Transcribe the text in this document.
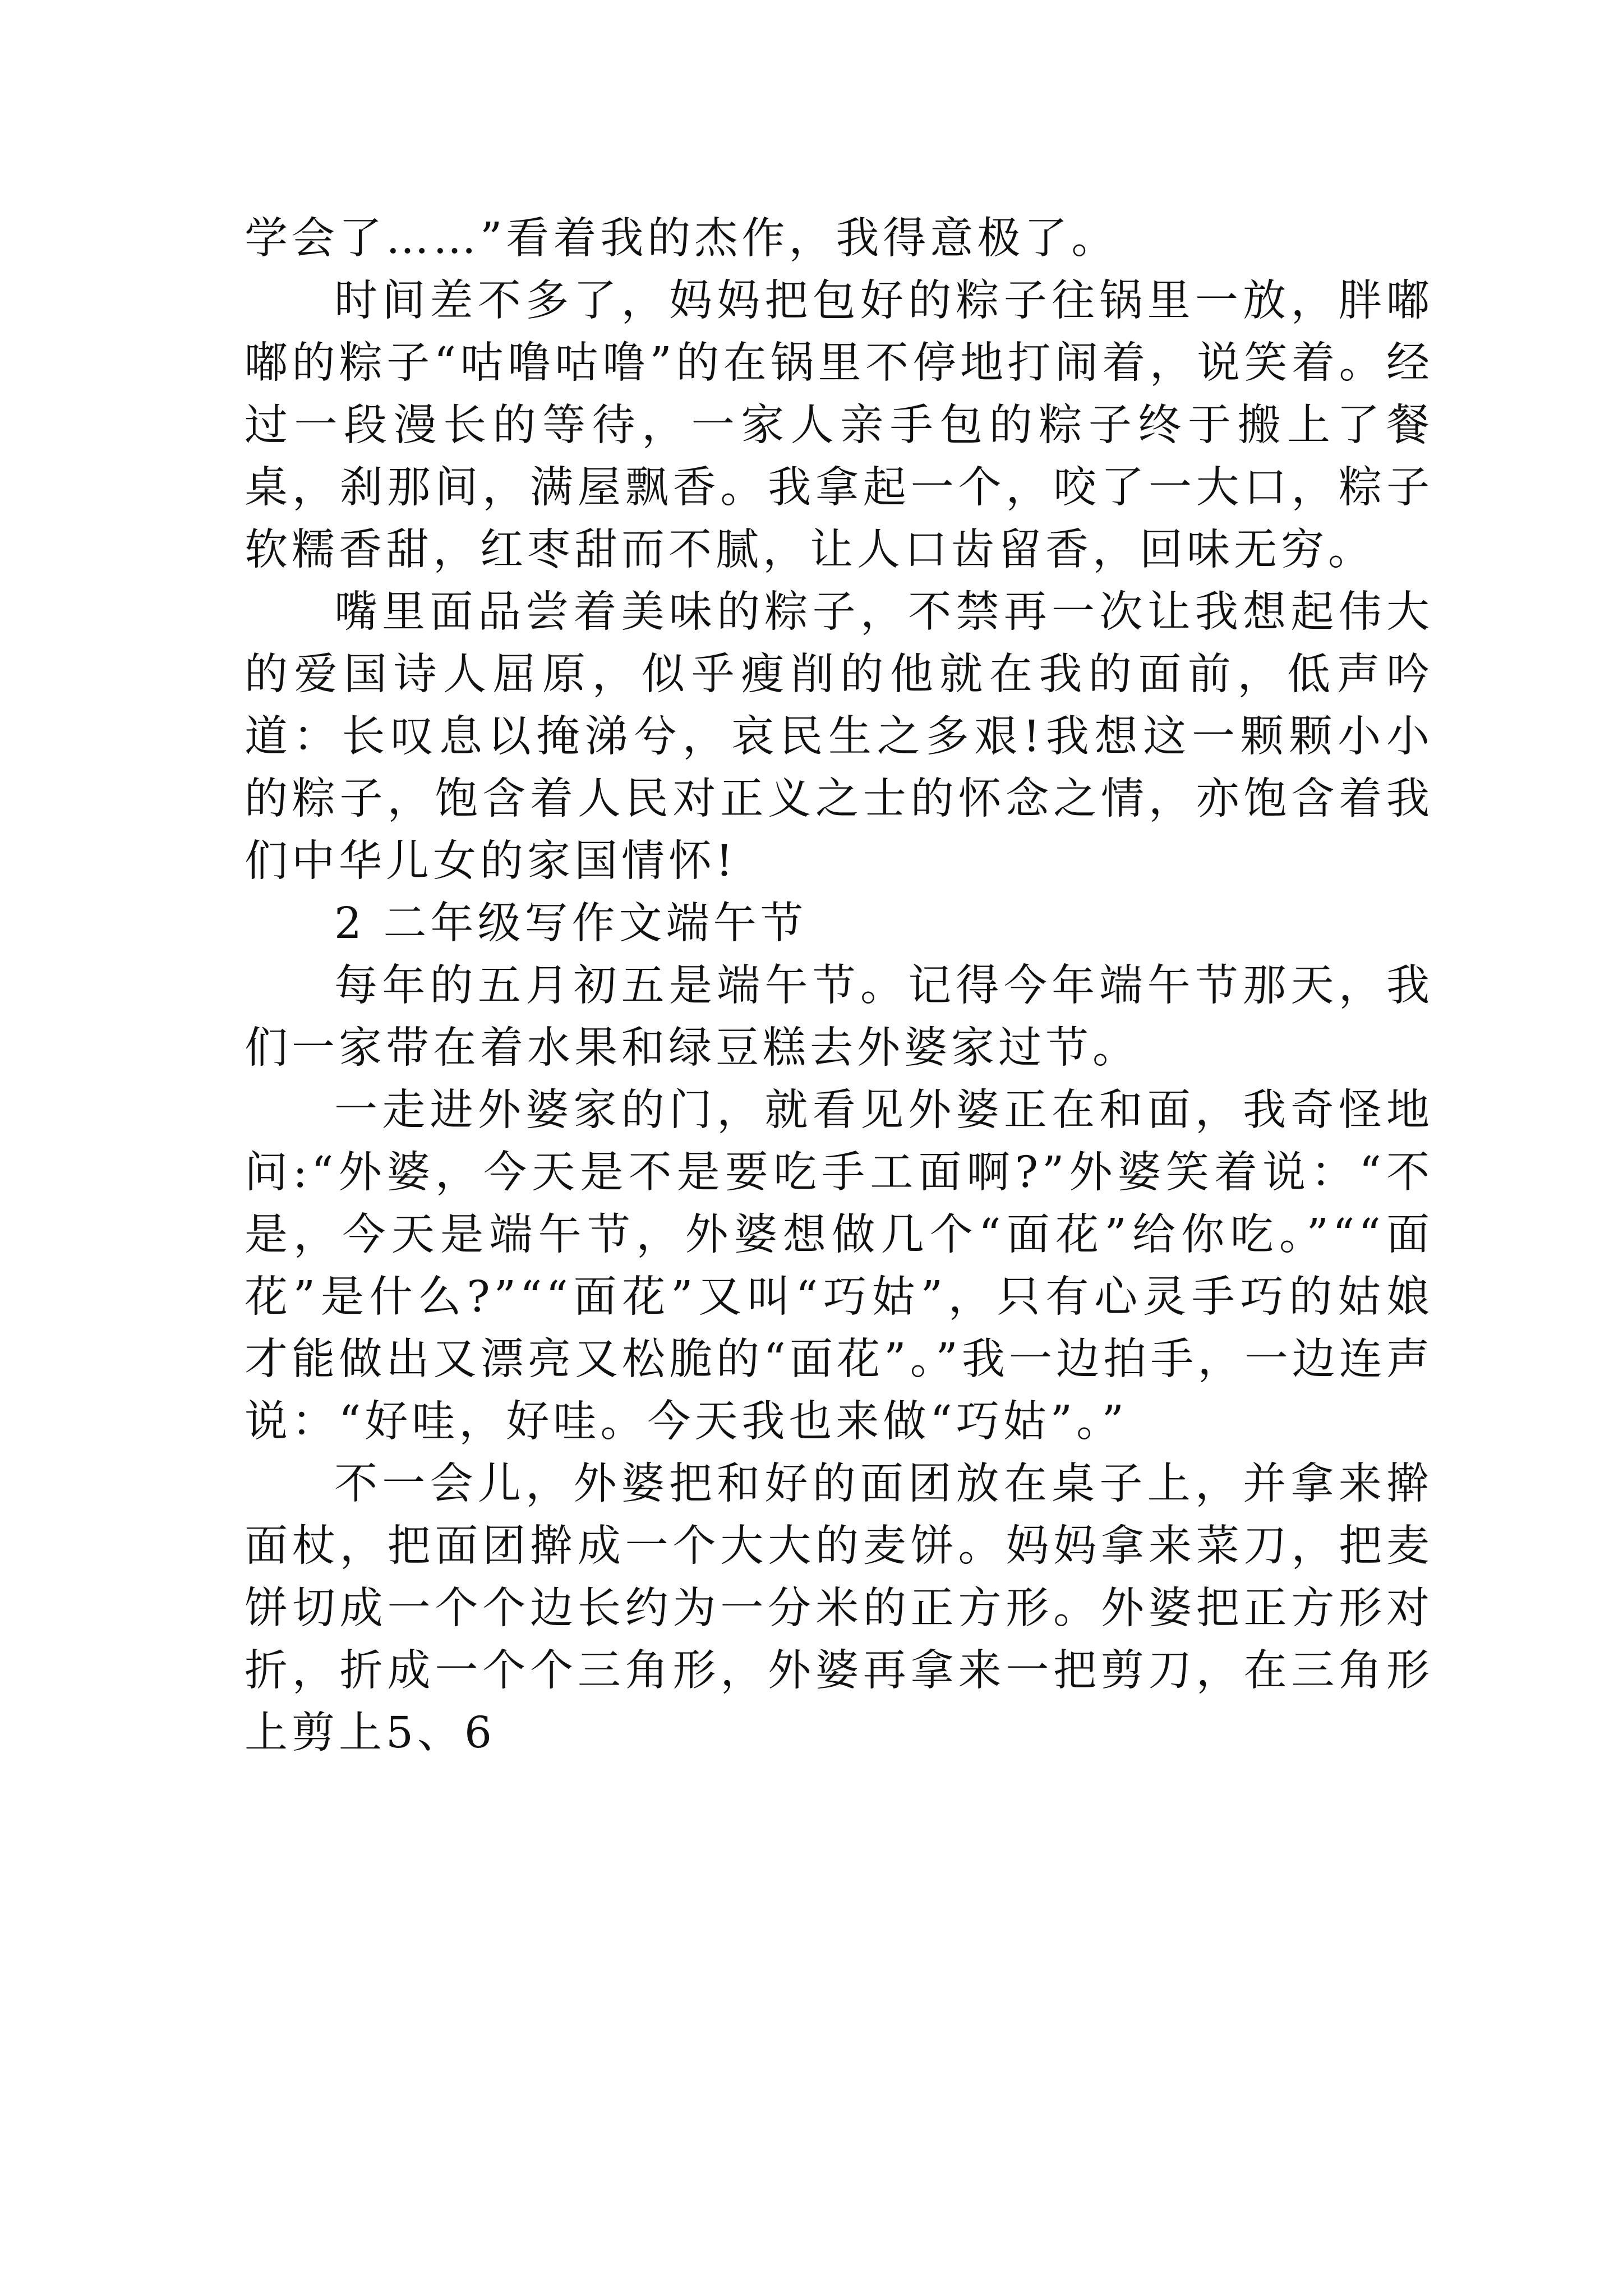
学会了……”看着我的杰作，我得意极了。

时间差不多了，妈妈把包好的粽子往锅里一放，胖嘟嘟的粽子“咕噜咕噜”的在锅里不停地打闹着，说笑着。经过一段漫长的等待，一家人亲手包的粽子终于搬上了餐桌，刹那间，满屋飘香。我拿起一个，咬了一大口，粽子软糯香甜，红枣甜而不腻，让人口齿留香，回味无穷。

嘴里面品尝着美味的粽子，不禁再一次让我想起伟大的爱国诗人屈原，似乎瘦削的他就在我的面前，低声吟道：长叹息以掩涕兮，哀民生之多艰!我想这一颗颗小小的粽子，饱含着人民对正义之士的怀念之情，亦饱含着我们中华儿女的家国情怀!

2 二年级写作文端午节

每年的五月初五是端午节。记得今年端午节那天，我们一家带在着水果和绿豆糕去外婆家过节。

一走进外婆家的门，就看见外婆正在和面，我奇怪地问:“外婆，今天是不是要吃手工面啊?”外婆笑着说：“不是，今天是端午节，外婆想做几个“面花”给你吃。”““面花”是什么?”““面花”又叫“巧姑”，只有心灵手巧的姑娘才能做出又漂亮又松脆的“面花”。”我一边拍手，一边连声说：“好哇，好哇。今天我也来做“巧姑”。”

不一会儿，外婆把和好的面团放在桌子上，并拿来擀面杖，把面团擀成一个大大的麦饼。妈妈拿来菜刀，把麦饼切成一个个边长约为一分米的正方形。外婆把正方形对折，折成一个个三角形，外婆再拿来一把剪刀，在三角形上剪上5、6
